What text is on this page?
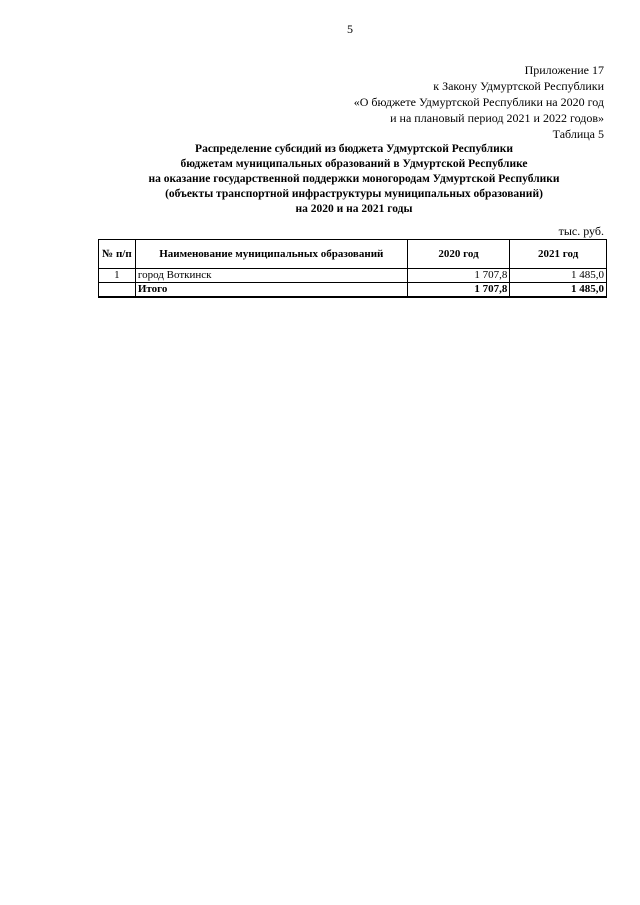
5
Приложение 17
к Закону Удмуртской Республики
«О бюджете Удмуртской Республики на 2020 год
и на плановый период 2021 и 2022 годов»
Таблица 5
Распределение субсидий из бюджета Удмуртской Республики
бюджетам муниципальных образований в Удмуртской Республике
на оказание государственной поддержки моногородам Удмуртской Республики
(объекты транспортной инфраструктуры муниципальных образований)
на 2020 и на 2021 годы
тыс. руб.
№ п/п	Наименование муниципальных образований	2020 год	2021 год
1	город Воткинск	1 707,8	1 485,0
	Итого	1 707,8	1 485,0
